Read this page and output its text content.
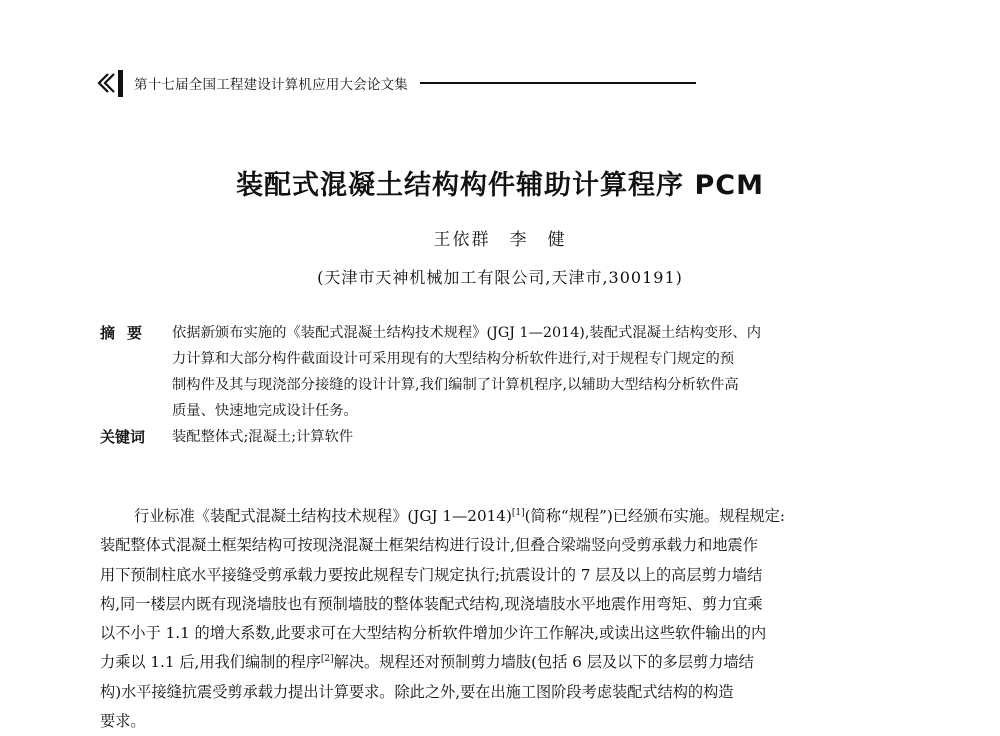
第十七届全国工程建设计算机应用大会论文集
装配式混凝土结构构件辅助计算程序 PCM
王依群　李　健
(天津市天神机械加工有限公司,天津市,300191)
摘要	依据新颁布实施的《装配式混凝土结构技术规程》(JGJ 1—2014),装配式混凝土结构变形、内
力计算和大部分构件截面设计可采用现有的大型结构分析软件进行,对于规程专门规定的预
制构件及其与现浇部分接缝的设计计算,我们编制了计算机程序,以辅助大型结构分析软件高
质量、快速地完成设计任务。
关键词	装配整体式;混凝土;计算软件
行业标准《装配式混凝土结构技术规程》(JGJ 1—2014)[1](简称“规程”)已经颁布实施。规程规定:
装配整体式混凝土框架结构可按现浇混凝土框架结构进行设计,但叠合梁端竖向受剪承载力和地震作
用下预制柱底水平接缝受剪承载力要按此规程专门规定执行;抗震设计的 7 层及以上的高层剪力墙结
构,同一楼层内既有现浇墙肢也有预制墙肢的整体装配式结构,现浇墙肢水平地震作用弯矩、剪力宜乘
以不小于 1.1 的增大系数,此要求可在大型结构分析软件增加少许工作解决,或读出这些软件输出的内
力乘以 1.1 后,用我们编制的程序[2]解决。规程还对预制剪力墙肢(包括 6 层及以下的多层剪力墙结
构)水平接缝抗震受剪承载力提出计算要求。除此之外,要在出施工图阶段考虑装配式结构的构造
要求。
